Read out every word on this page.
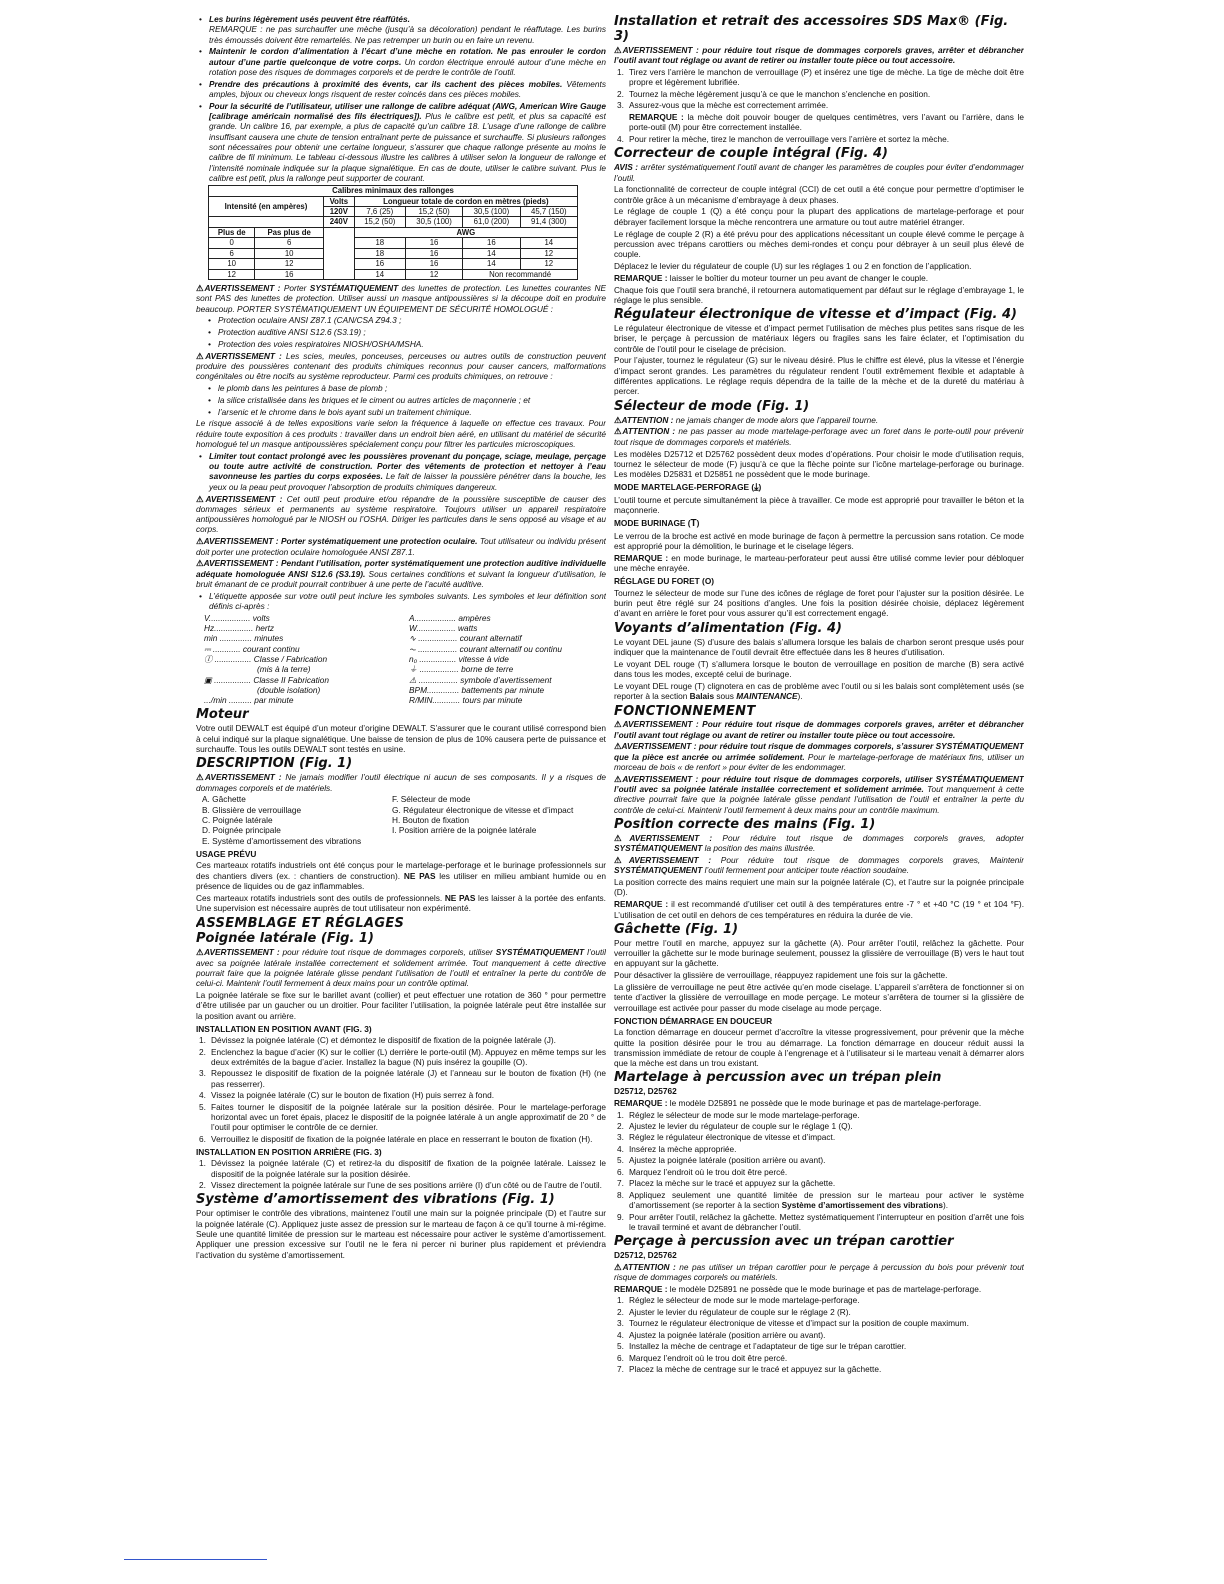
• Les burins légèrement usés peuvent être réaffûtés.
REMARQUE : ne pas surchauffer une mèche (jusqu’à sa décoloration) pendant le réaffutage. Les burins très émoussés doivent être remartelés. Ne pas retremper un burin ou en faire un revenu.
• Maintenir le cordon d’alimentation à l’écart d’une mèche en rotation. Ne pas enrouler le cordon autour d’une partie quelconque de votre corps. Un cordon électrique enroulé autour d’une mèche en rotation pose des risques de dommages corporels et de perdre le contrôle de l’outil.
• Prendre des précautions à proximité des évents, car ils cachent des pièces mobiles. Vêtements amples, bijoux ou cheveux longs risquent de rester coincés dans ces pièces mobiles.
• Pour la sécurité de l’utilisateur, utiliser une rallonge de calibre adéquat (AWG, American Wire Gauge [calibrage américain normalisé des fils électriques]). Plus le calibre est petit, et plus sa capacité est grande. Un calibre 16, par exemple, a plus de capacité qu’un calibre 18. L’usage d’une rallonge de calibre insuffisant causera une chute de tension entraînant perte de puissance et surchauffe. Si plusieurs rallonges sont nécessaires pour obtenir une certaine longueur, s’assurer que chaque rallonge présente au moins le calibre de fil minimum. Le tableau ci-dessous illustre les calibres à utiliser selon la longueur de rallonge et l’intensité nominale indiquée sur la plaque signalétique. En cas de doute, utiliser le calibre suivant. Plus le calibre est petit, plus la rallonge peut supporter de courant.
Calibres minimaux des rallonges						
Intensité (en ampères)		Volts	Longueur totale de cordon en mètres (pieds)			
		120V	7,6 (25)	15,2 (50)	30,5 (100)	45,7 (150)
		240V	15,2 (50)	30,5 (100)	61,0 (200)	91,4 (300)
Plus de	Pas plus de		AWG			
0	6		18	16	16	14
6	10		18	16	14	12
10	12		16	16	14	12
12	16		14	12	Non recommandé	

⚠AVERTISSEMENT : Porter SYSTÉMATIQUEMENT des lunettes de protection. Les lunettes courantes NE sont PAS des lunettes de protection. Utiliser aussi un masque antipoussières si la découpe doit en produire beaucoup. PORTER SYSTÉMATIQUEMENT UN ÉQUIPEMENT DE SÉCURITÉ HOMOLOGUÉ :

• Protection oculaire ANSI Z87.1 (CAN/CSA Z94.3 ;
• Protection auditive ANSI S12.6 (S3.19) ;
• Protection des voies respiratoires NIOSH/OSHA/MSHA.

⚠AVERTISSEMENT : Les scies, meules, ponceuses, perceuses ou autres outils de construction peuvent produire des poussières contenant des produits chimiques reconnus pour causer cancers, malformations congénitales ou être nocifs au système reproducteur. Parmi ces produits chimiques, on retrouve :

• le plomb dans les peintures à base de plomb ;
• la silice cristallisée dans les briques et le ciment ou autres articles de maçonnerie ; et
• l’arsenic et le chrome dans le bois ayant subi un traitement chimique.

Le risque associé à de telles expositions varie selon la fréquence à laquelle on effectue ces travaux. Pour réduire toute exposition à ces produits : travailler dans un endroit bien aéré, en utilisant du matériel de sécurité homologué tel un masque antipoussières spécialement conçu pour filtrer les particules microscopiques.

• Limiter tout contact prolongé avec les poussières provenant du ponçage, sciage, meulage, perçage ou toute autre activité de construction. Porter des vêtements de protection et nettoyer à l’eau savonneuse les parties du corps exposées. Le fait de laisser la poussière pénétrer dans la bouche, les yeux ou la peau peut provoquer l’absorption de produits chimiques dangereux.

⚠AVERTISSEMENT : Cet outil peut produire et/ou répandre de la poussière susceptible de causer des dommages sérieux et permanents au système respiratoire. Toujours utiliser un appareil respiratoire antipoussières homologué par le NIOSH ou l’OSHA. Diriger les particules dans le sens opposé au visage et au corps.

⚠AVERTISSEMENT : Porter systématiquement une protection oculaire. Tout utilisateur ou individu présent doit porter une protection oculaire homologuée ANSI Z87.1.

⚠AVERTISSEMENT : Pendant l’utilisation, porter systématiquement une protection auditive individuelle adéquate homologuée ANSI S12.6 (S3.19). Sous certaines conditions et suivant la longueur d’utilisation, le bruit émanant de ce produit pourrait contribuer à une perte de l’acuité auditive.

• L’étiquette apposée sur votre outil peut inclure les symboles suivants. Les symboles et leur définition sont définis ci-après :
V.................. volts	A.................. ampères
Hz................. hertz	W................. watts
min .............. minutes	∿ ................. courant alternatif
⎓ ............ courant continu	⏦ ................. courant alternatif ou continu
Ⓘ ................ Classe / Fabrication	n₀ ................ vitesse à vide
(mis à la terre)	⏚ ................. borne de terre
▣ ................ Classe II Fabrication	⚠ ................. symbole d’avertissement
(double isolation)	BPM.............. battements par minute
.../min .......... par minute	R/MIN............ tours par minute
Moteur

Votre outil DEWALT est équipé d’un moteur d’origine DEWALT. S’assurer que le courant utilisé correspond bien à celui indiqué sur la plaque signalétique. Une baisse de tension de plus de 10% causera perte de puissance et surchauffe. Tous les outils DEWALT sont testés en usine.

DESCRIPTION (Fig. 1)

⚠AVERTISSEMENT : Ne jamais modifier l’outil électrique ni aucun de ses composants. Il y a risques de dommages corporels et de matériels.

A. Gâchette	F. Sélecteur de mode
B. Glissière de verrouillage	G. Régulateur électronique de vitesse et d’impact
C. Poignée latérale	H. Bouton de fixation
D. Poignée principale	I. Position arrière de la poignée latérale
E. Système d’amortissement des vibrations
USAGE PRÉVU

Ces marteaux rotatifs industriels ont été conçus pour le martelage-perforage et le burinage professionnels sur des chantiers divers (ex. : chantiers de construction). NE PAS les utiliser en milieu ambiant humide ou en présence de liquides ou de gaz inflammables.

Ces marteaux rotatifs industriels sont des outils de professionnels. NE PAS les laisser à la portée des enfants. Une supervision est nécessaire auprès de tout utilisateur non expérimenté.

ASSEMBLAGE ET RÉGLAGES
Poignée latérale (Fig. 1)

⚠AVERTISSEMENT : pour réduire tout risque de dommages corporels, utiliser SYSTÉMATIQUEMENT l’outil avec sa poignée latérale installée correctement et solidement arrimée. Tout manquement à cette directive pourrait faire que la poignée latérale glisse pendant l’utilisation de l’outil et entraîner la perte du contrôle de celui-ci. Maintenir l’outil fermement à deux mains pour un contrôle optimal.

La poignée latérale se fixe sur le barillet avant (collier) et peut effectuer une rotation de 360 ° pour permettre d’être utilisée par un gaucher ou un droitier. Pour faciliter l’utilisation, la poignée latérale peut être installée sur la position avant ou arrière.

INSTALLATION EN POSITION AVANT (FIG. 3)
1. Dévissez la poignée latérale (C) et démontez le dispositif de fixation de la poignée latérale (J).
2. Enclenchez la bague d’acier (K) sur le collier (L) derrière le porte-outil (M). Appuyez en même temps sur les deux extrémités de la bague d’acier. Installez la bague (N) puis insérez la goupille (O).
3. Repoussez le dispositif de fixation de la poignée latérale (J) et l’anneau sur le bouton de fixation (H) (ne pas resserrer).
4. Vissez la poignée latérale (C) sur le bouton de fixation (H) puis serrez à fond.
5. Faites tourner le dispositif de la poignée latérale sur la position désirée. Pour le martelage-perforage horizontal avec un foret épais, placez le dispositif de la poignée latérale à un angle approximatif de 20 ° de l’outil pour optimiser le contrôle de ce dernier.
6. Verrouillez le dispositif de fixation de la poignée latérale en place en resserrant le bouton de fixation (H).
INSTALLATION EN POSITION ARRIÈRE (FIG. 3)
1. Dévissez la poignée latérale (C) et retirez-la du dispositif de fixation de la poignée latérale. Laissez le dispositif de la poignée latérale sur la position désirée.
2. Vissez directement la poignée latérale sur l’une de ses positions arrière (I) d’un côté ou de l’autre de l’outil.
Système d’amortissement des vibrations (Fig. 1)

Pour optimiser le contrôle des vibrations, maintenez l’outil une main sur la poignée principale (D) et l’autre sur la poignée latérale (C). Appliquez juste assez de pression sur le marteau de façon à ce qu’il tourne à mi-régime. Seule une quantité limitée de pression sur le marteau est nécessaire pour activer le système d’amortissement. Appliquer une pression excessive sur l’outil ne le fera ni percer ni buriner plus rapidement et préviendra l’activation du système d’amortissement.

Installation et retrait des accessoires SDS Max® (Fig. 3)

⚠AVERTISSEMENT : pour réduire tout risque de dommages corporels graves, arrêter et débrancher l’outil avant tout réglage ou avant de retirer ou installer toute pièce ou tout accessoire.

1. Tirez vers l’arrière le manchon de verrouillage (P) et insérez une tige de mèche. La tige de mèche doit être propre et légèrement lubrifiée.
2. Tournez la mèche légèrement jusqu’à ce que le manchon s’enclenche en position.
3. Assurez-vous que la mèche est correctement arrimée.

REMARQUE : la mèche doit pouvoir bouger de quelques centimètres, vers l’avant ou l’arrière, dans le porte-outil (M) pour être correctement installée.

4. Pour retirer la mèche, tirez le manchon de verrouillage vers l’arrière et sortez la mèche.
Correcteur de couple intégral (Fig. 4)

AVIS : arrêter systématiquement l’outil avant de changer les paramètres de couples pour éviter d’endommager l’outil.

La fonctionnalité de correcteur de couple intégral (CCI) de cet outil a été conçue pour permettre d’optimiser le contrôle grâce à un mécanisme d’embrayage à deux phases.

Le réglage de couple 1 (Q) a été conçu pour la plupart des applications de martelage-perforage et pour débrayer facilement lorsque la mèche rencontrera une armature ou tout autre matériel étranger.

Le réglage de couple 2 (R) a été prévu pour des applications nécessitant un couple élevé comme le perçage à percussion avec trépans carottiers ou mèches demi-rondes et conçu pour débrayer à un seuil plus élevé de couple.

Déplacez le levier du régulateur de couple (U) sur les réglages 1 ou 2 en fonction de l’application.

REMARQUE : laisser le boîtier du moteur tourner un peu avant de changer le couple.

Chaque fois que l’outil sera branché, il retournera automatiquement par défaut sur le réglage d’embrayage 1, le réglage le plus sensible.

Régulateur électronique de vitesse et d’impact (Fig. 4)

Le régulateur électronique de vitesse et d’impact permet l’utilisation de mèches plus petites sans risque de les briser, le perçage à percussion de matériaux légers ou fragiles sans les faire éclater, et l’optimisation du contrôle de l’outil pour le ciselage de précision.

Pour l’ajuster, tournez le régulateur (G) sur le niveau désiré. Plus le chiffre est élevé, plus la vitesse et l’énergie d’impact seront grandes. Les paramètres du régulateur rendent l’outil extrêmement flexible et adaptable à différentes applications. Le réglage requis dépendra de la taille de la mèche et de la dureté du matériau à percer.

Sélecteur de mode (Fig. 1)

⚠ATTENTION : ne jamais changer de mode alors que l’appareil tourne.

⚠ATTENTION : ne pas passer au mode martelage-perforage avec un foret dans le porte-outil pour prévenir tout risque de dommages corporels et matériels.

Les modèles D25712 et D25762 possèdent deux modes d’opérations. Pour choisir le mode d’utilisation requis, tournez le sélecteur de mode (F) jusqu’à ce que la flèche pointe sur l’icône martelage-perforage ou burinage. Les modèles D25831 et D25851 ne possèdent que le mode burinage.

MODE MARTELAGE-PERFORAGE (⤓)

L’outil tourne et percute simultanément la pièce à travailler. Ce mode est approprié pour travailler le béton et la maçonnerie.

MODE BURINAGE (T)

Le verrou de la broche est activé en mode burinage de façon à permettre la percussion sans rotation. Ce mode est approprié pour la démolition, le burinage et le ciselage légers.

REMARQUE : en mode burinage, le marteau-perforateur peut aussi être utilisé comme levier pour débloquer une mèche enrayée.

RÉGLAGE DU FORET (O)

Tournez le sélecteur de mode sur l’une des icônes de réglage de foret pour l’ajuster sur la position désirée. Le burin peut être réglé sur 24 positions d’angles. Une fois la position désirée choisie, déplacez légèrement d’avant en arrière le foret pour vous assurer qu’il est correctement engagé.

Voyants d’alimentation (Fig. 4)

Le voyant DEL jaune (S) d’usure des balais s’allumera lorsque les balais de charbon seront presque usés pour indiquer que la maintenance de l’outil devrait être effectuée dans les 8 heures d’utilisation.

Le voyant DEL rouge (T) s’allumera lorsque le bouton de verrouillage en position de marche (B) sera activé dans tous les modes, excepté celui de burinage.

Le voyant DEL rouge (T) clignotera en cas de problème avec l’outil ou si les balais sont complètement usés (se reporter à la section Balais sous MAINTENANCE).

FONCTIONNEMENT

⚠AVERTISSEMENT : Pour réduire tout risque de dommages corporels graves, arrêter et débrancher l’outil avant tout réglage ou avant de retirer ou installer toute pièce ou tout accessoire.

⚠AVERTISSEMENT : pour réduire tout risque de dommages corporels, s’assurer SYSTÉMATIQUEMENT que la pièce est ancrée ou arrimée solidement. Pour le martelage-perforage de matériaux fins, utiliser un morceau de bois « de renfort » pour éviter de les endommager.

⚠AVERTISSEMENT : pour réduire tout risque de dommages corporels, utiliser SYSTÉMATIQUEMENT l’outil avec sa poignée latérale installée correctement et solidement arrimée. Tout manquement à cette directive pourrait faire que la poignée latérale glisse pendant l’utilisation de l’outil et entraîner la perte du contrôle de celui-ci. Maintenir l’outil fermement à deux mains pour un contrôle maximum.

Position correcte des mains (Fig. 1)

⚠AVERTISSEMENT : Pour réduire tout risque de dommages corporels graves, adopter SYSTÉMATIQUEMENT la position des mains illustrée.

⚠AVERTISSEMENT : Pour réduire tout risque de dommages corporels graves, Maintenir SYSTÉMATIQUEMENT l’outil fermement pour anticiper toute réaction soudaine.

La position correcte des mains requiert une main sur la poignée latérale (C), et l’autre sur la poignée principale (D).

REMARQUE : il est recommandé d’utiliser cet outil à des températures entre -7 ° et +40 °C (19 ° et 104 °F). L’utilisation de cet outil en dehors de ces températures en réduira la durée de vie.

Gâchette (Fig. 1)

Pour mettre l’outil en marche, appuyez sur la gâchette (A). Pour arrêter l’outil, relâchez la gâchette. Pour verrouiller la gâchette sur le mode burinage seulement, poussez la glissière de verrouillage (B) vers le haut tout en appuyant sur la gâchette.

Pour désactiver la glissière de verrouillage, réappuyez rapidement une fois sur la gâchette.

La glissière de verrouillage ne peut être activée qu’en mode ciselage. L’appareil s’arrêtera de fonctionner si on tente d’activer la glissière de verrouillage en mode perçage. Le moteur s’arrêtera de tourner si la glissière de verrouillage est activée pour passer du mode ciselage au mode perçage.

FONCTION DÉMARRAGE EN DOUCEUR

La fonction démarrage en douceur permet d’accroître la vitesse progressivement, pour prévenir que la mèche quitte la position désirée pour le trou au démarrage. La fonction démarrage en douceur réduit aussi la transmission immédiate de retour de couple à l’engrenage et à l’utilisateur si le marteau venait à démarrer alors que la mèche est dans un trou existant.

Martelage à percussion avec un trépan plein
D25712, D25762

REMARQUE : le modèle D25891 ne possède que le mode burinage et pas de martelage-perforage.

1. Réglez le sélecteur de mode sur le mode martelage-perforage.
2. Ajustez le levier du régulateur de couple sur le réglage 1 (Q).
3. Réglez le régulateur électronique de vitesse et d’impact.
4. Insérez la mèche appropriée.
5. Ajustez la poignée latérale (position arrière ou avant).
6. Marquez l’endroit où le trou doit être percé.
7. Placez la mèche sur le tracé et appuyez sur la gâchette.
8. Appliquez seulement une quantité limitée de pression sur le marteau pour activer le système d’amortissement (se reporter à la section Système d’amortissement des vibrations).
9. Pour arrêter l’outil, relâchez la gâchette. Mettez systématiquement l’interrupteur en position d’arrêt une fois le travail terminé et avant de débrancher l’outil.
Perçage à percussion avec un trépan carottier
D25712, D25762

⚠ATTENTION : ne pas utiliser un trépan carottier pour le perçage à percussion du bois pour prévenir tout risque de dommages corporels ou matériels.

REMARQUE : le modèle D25891 ne possède que le mode burinage et pas de martelage-perforage.

1. Réglez le sélecteur de mode sur le mode martelage-perforage.
2. Ajuster le levier du régulateur de couple sur le réglage 2 (R).
3. Tournez le régulateur électronique de vitesse et d’impact sur la position de couple maximum.
4. Ajustez la poignée latérale (position arrière ou avant).
5. Installez la mèche de centrage et l’adaptateur de tige sur le trépan carottier.
6. Marquez l’endroit où le trou doit être percé.
7. Placez la mèche de centrage sur le tracé et appuyez sur la gâchette.
